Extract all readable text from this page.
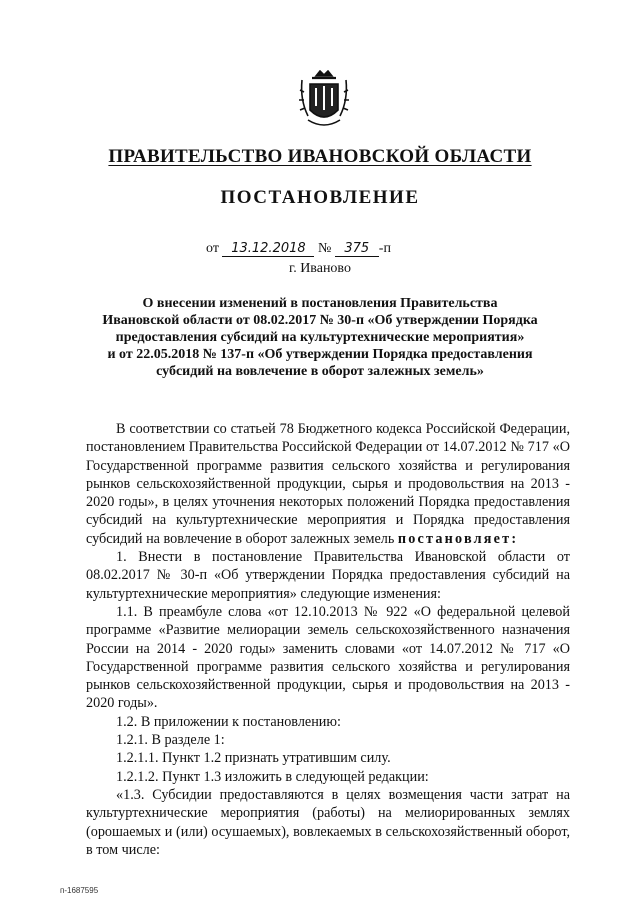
ПРАВИТЕЛЬСТВО ИВАНОВСКОЙ ОБЛАСТИ
ПОСТАНОВЛЕНИЕ
от 13.12.2018 № 375 -п
г. Иваново
О внесении изменений в постановления Правительства
Ивановской области от 08.02.2017 № 30-п «Об утверждении Порядка
предоставления субсидий на культуртехнические мероприятия»
и от 22.05.2018 № 137-п «Об утверждении Порядка предоставления
субсидий на вовлечение в оборот залежных земель»

В соответствии со статьей 78 Бюджетного кодекса Российской Федерации, постановлением Правительства Российской Федерации от 14.07.2012 № 717 «О Государственной программе развития сельского хозяйства и регулирования рынков сельскохозяйственной продукции, сырья и продовольствия на 2013 - 2020 годы», в целях уточнения некоторых положений Порядка предоставления субсидий на культуртехнические мероприятия и Порядка предоставления субсидий на вовлечение в оборот залежных земель постановляет:

1. Внести в постановление Правительства Ивановской области от 08.02.2017 № 30-п «Об утверждении Порядка предоставления субсидий на культуртехнические мероприятия» следующие изменения:

1.1. В преамбуле слова «от 12.10.2013 № 922 «О федеральной целевой программе «Развитие мелиорации земель сельскохозяйственного назначения России на 2014 - 2020 годы» заменить словами «от 14.07.2012 № 717 «О Государственной программе развития сельского хозяйства и регулирования рынков сельскохозяйственной продукции, сырья и продовольствия на 2013 - 2020 годы».

1.2. В приложении к постановлению:

1.2.1. В разделе 1:

1.2.1.1. Пункт 1.2 признать утратившим силу.

1.2.1.2. Пункт 1.3 изложить в следующей редакции:

«1.3. Субсидии предоставляются в целях возмещения части затрат на культуртехнические мероприятия (работы) на мелиорированных землях (орошаемых и (или) осушаемых), вовлекаемых в сельскохозяйственный оборот, в том числе:

п-1687595
